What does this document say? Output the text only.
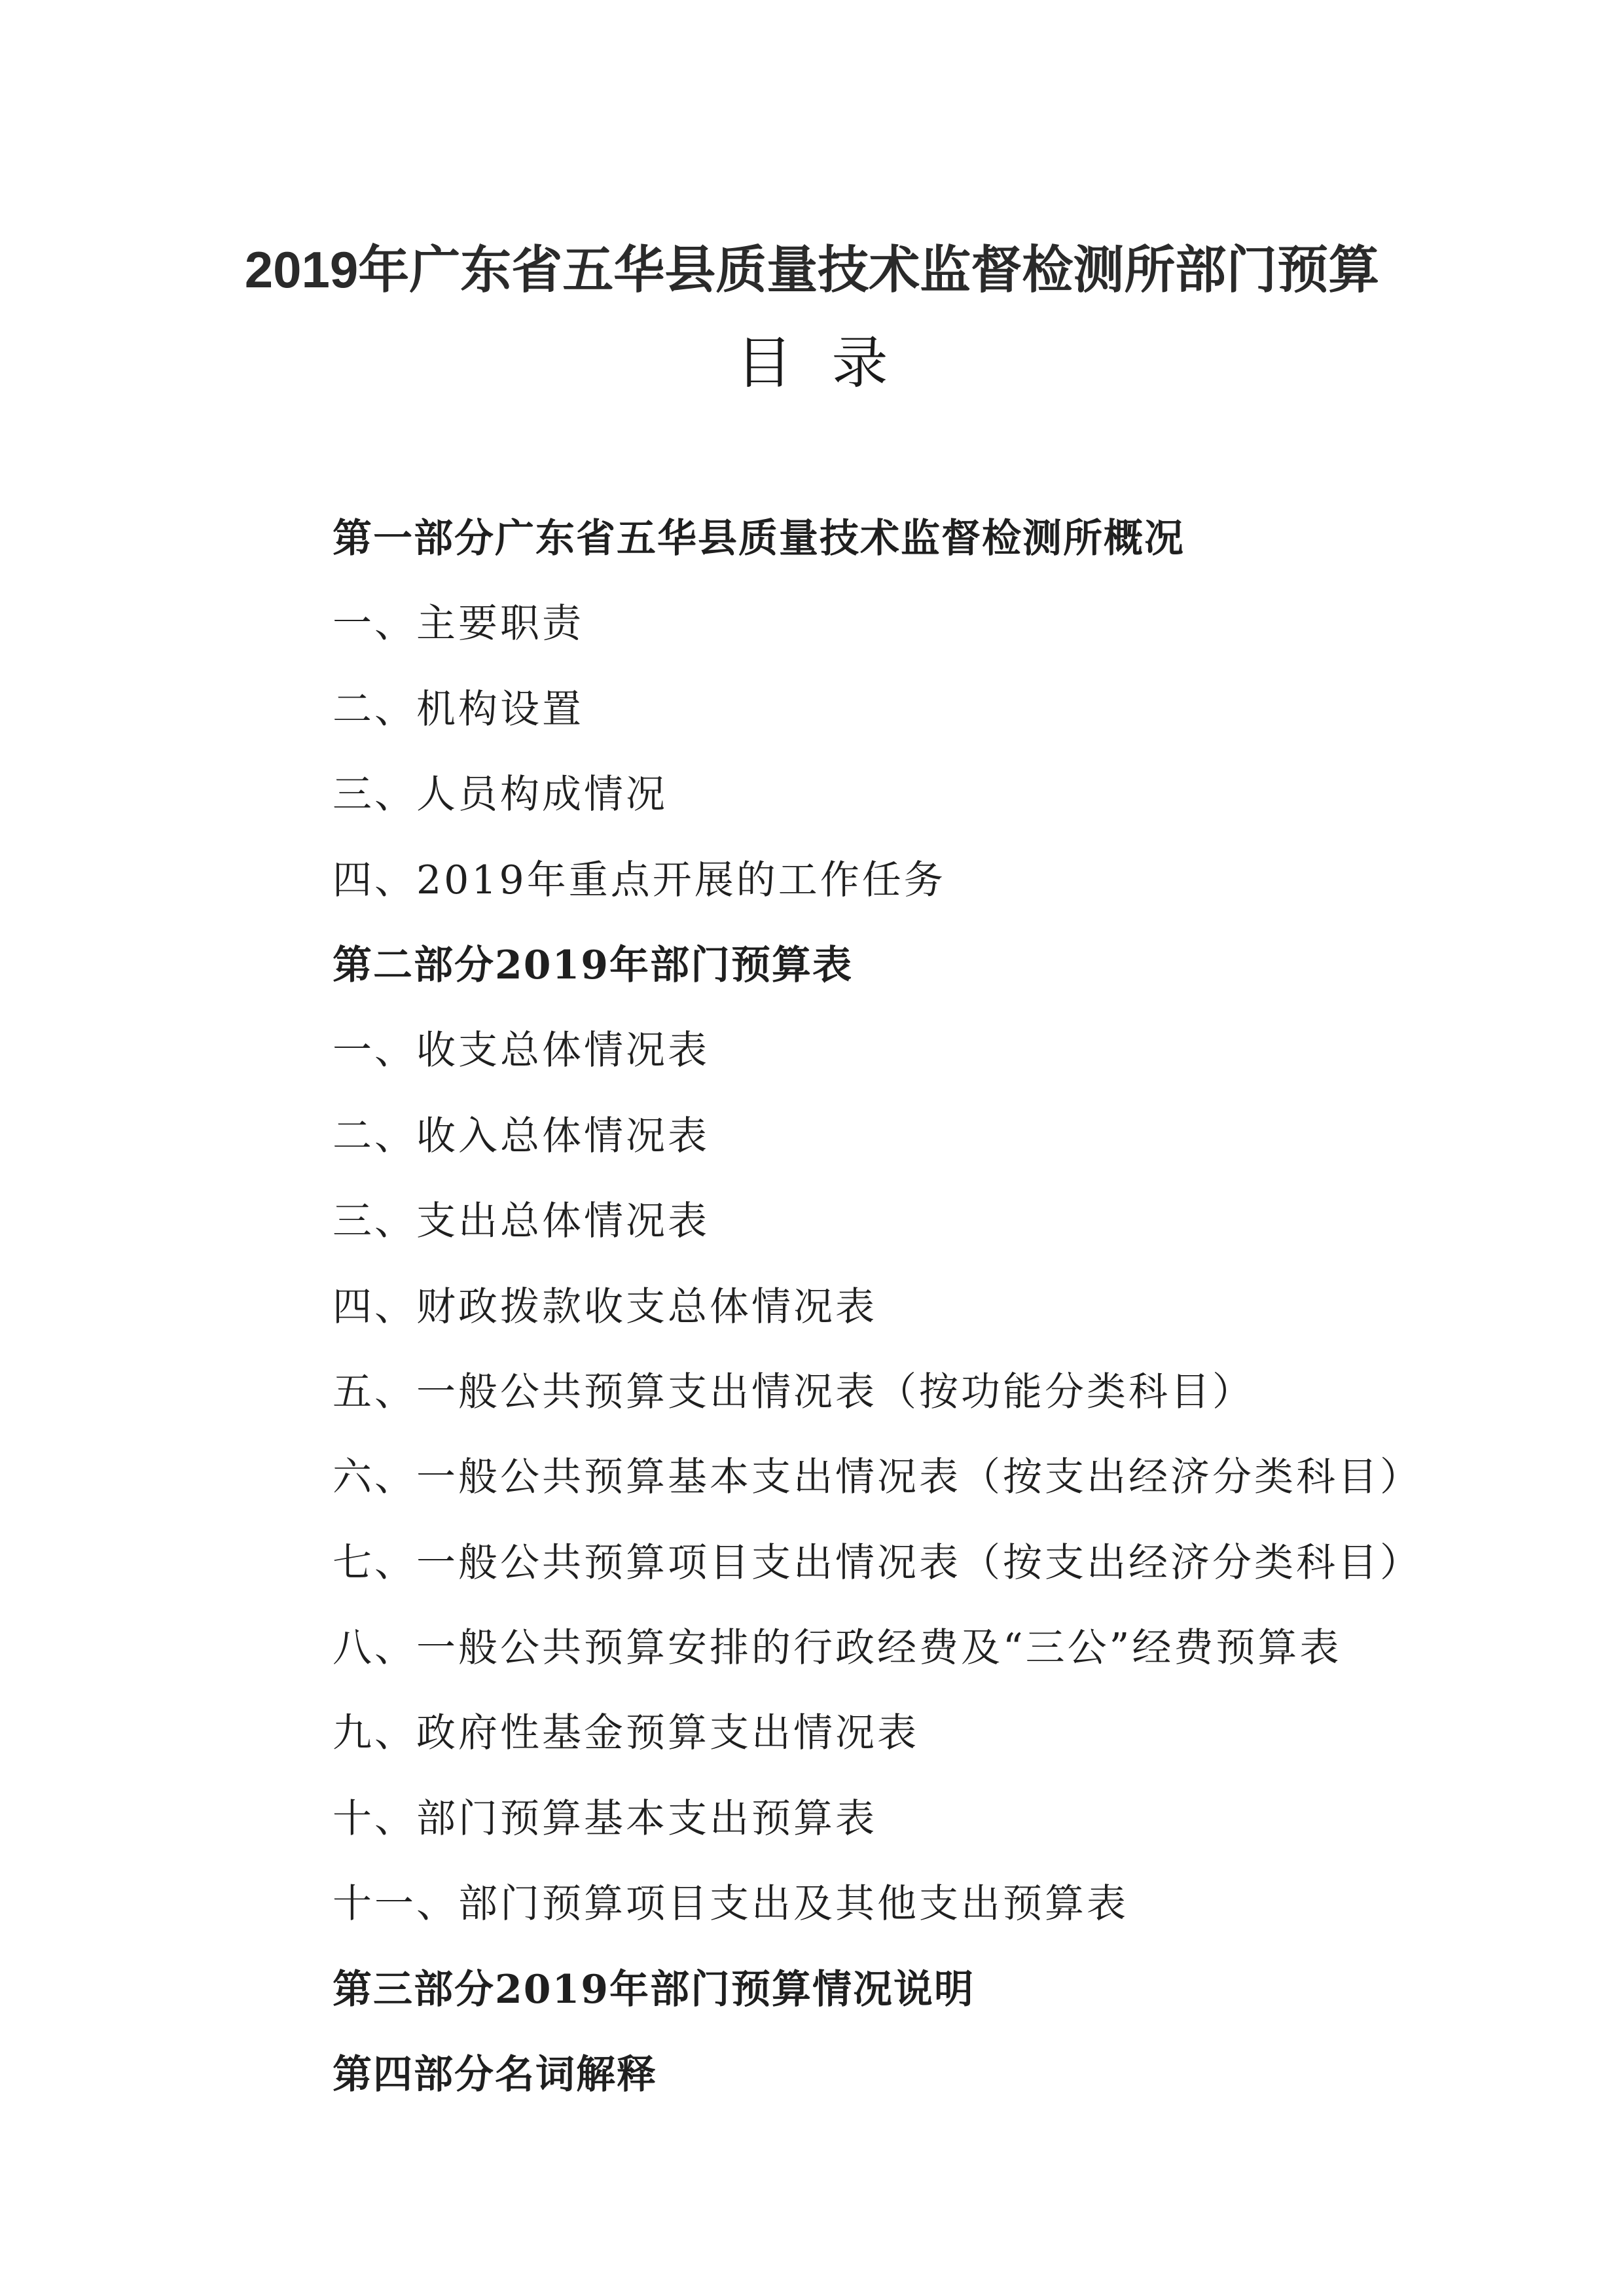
2019年广东省五华县质量技术监督检测所部门预算
目录
第一部分广东省五华县质量技术监督检测所概况
一、主要职责
二、机构设置
三、人员构成情况
四、2019年重点开展的工作任务
第二部分2019年部门预算表
一、收支总体情况表
二、收入总体情况表
三、支出总体情况表
四、财政拨款收支总体情况表
五、一般公共预算支出情况表（按功能分类科目）
六、一般公共预算基本支出情况表（按支出经济分类科目）
七、一般公共预算项目支出情况表（按支出经济分类科目）
八、一般公共预算安排的行政经费及“三公”经费预算表
九、政府性基金预算支出情况表
十、部门预算基本支出预算表
十一、部门预算项目支出及其他支出预算表
第三部分2019年部门预算情况说明
第四部分名词解释
